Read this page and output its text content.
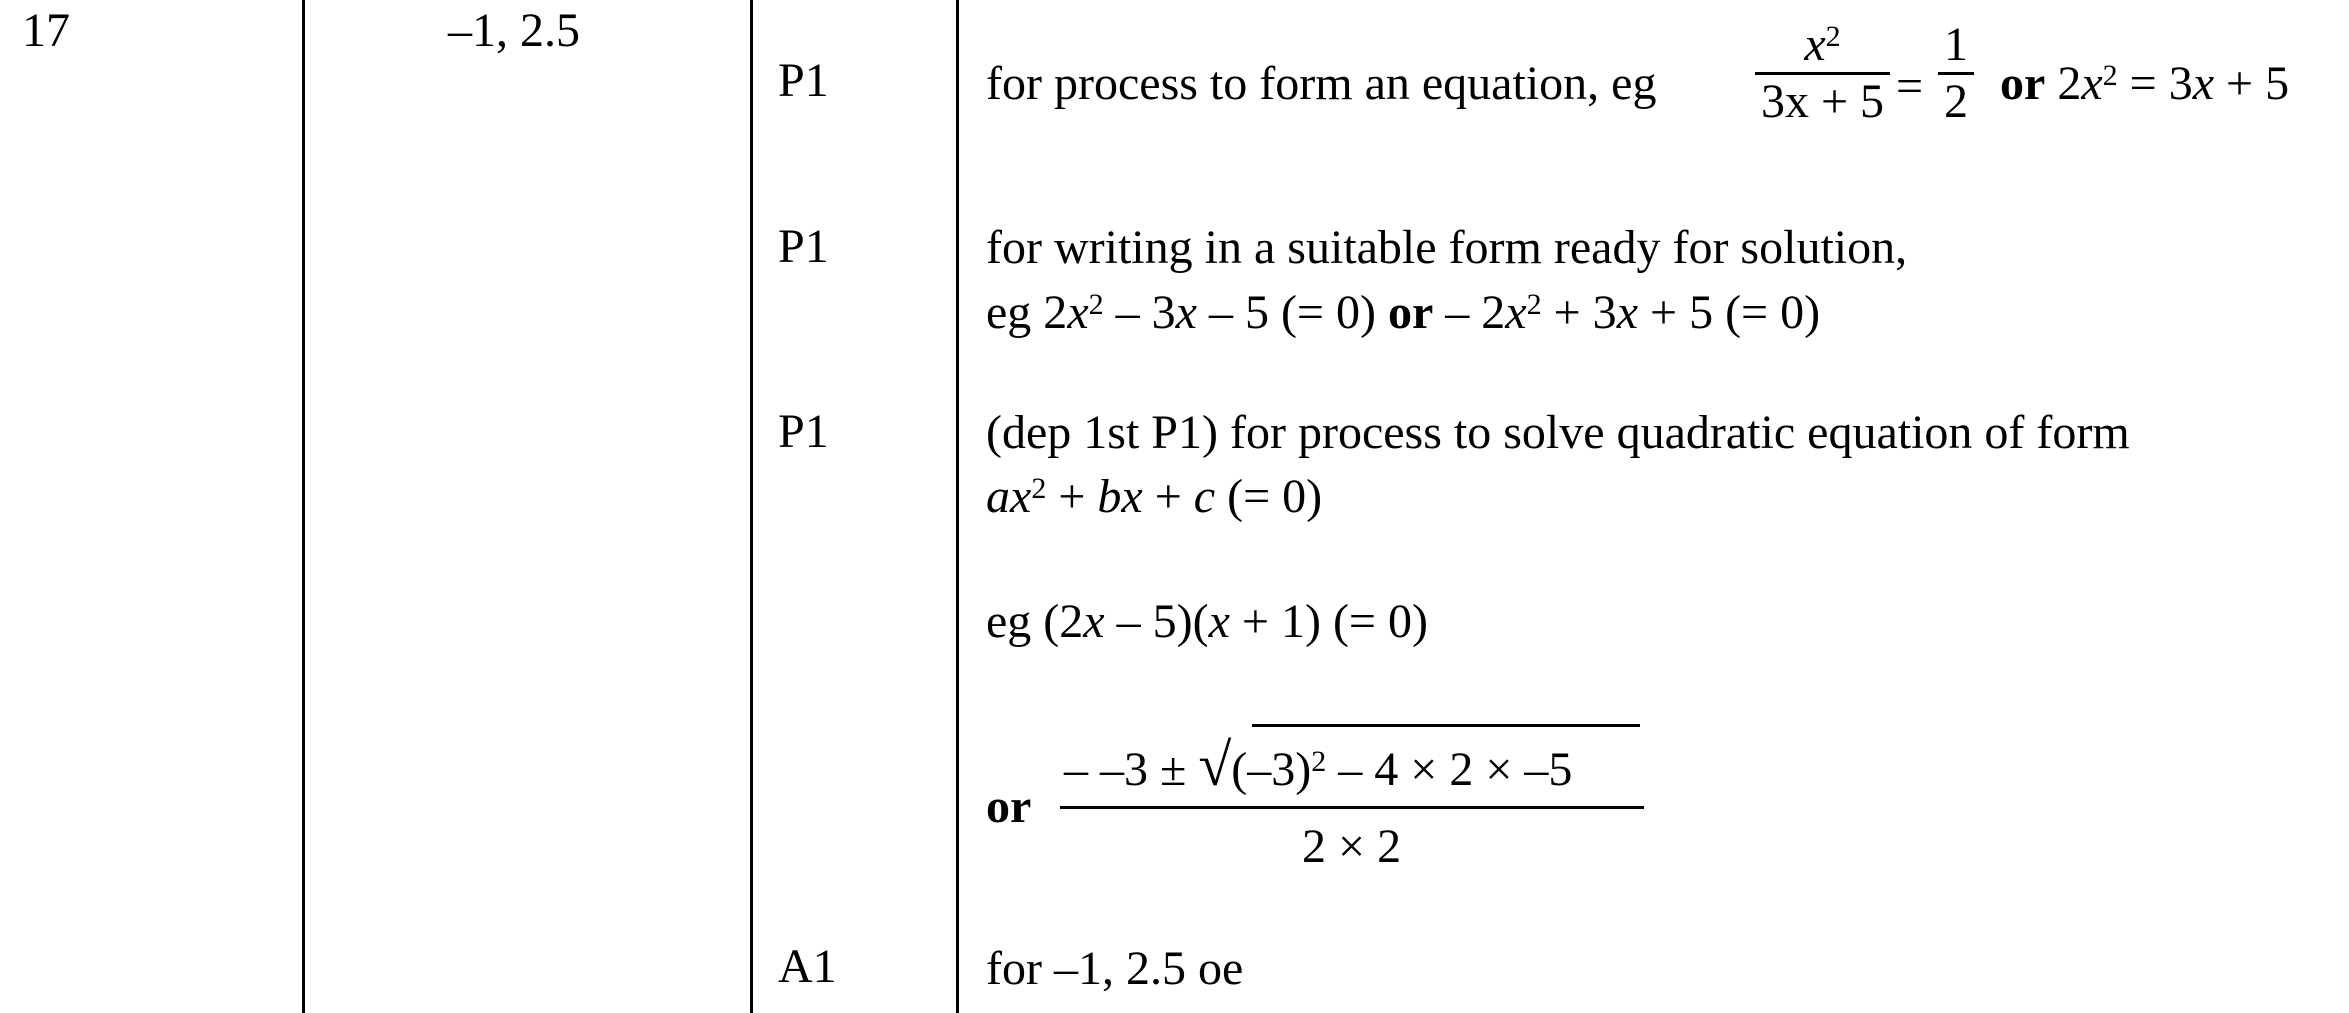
17	–1, 2.5
P1
P1
P1
A1
for process to form an equation, eg
$x^2$
3x + 5 =
1
2 or $2x^2 = 3x + 5$
for writing in a suitable form ready for solution,
eg $2x^2 - 3x - 5$ (= 0) or – $2x^2 + 3x + 5$ (= 0)
(dep 1st P1) for process to solve quadratic equation of form
$ax^2$ + bx + c (= 0)
eg (2x – 5)(x + 1) (= 0)
or
– $-3 \pm √(-3)^2 - 4 \times 2 \times -5$
2 × 2
for –1, 2.5 oe
